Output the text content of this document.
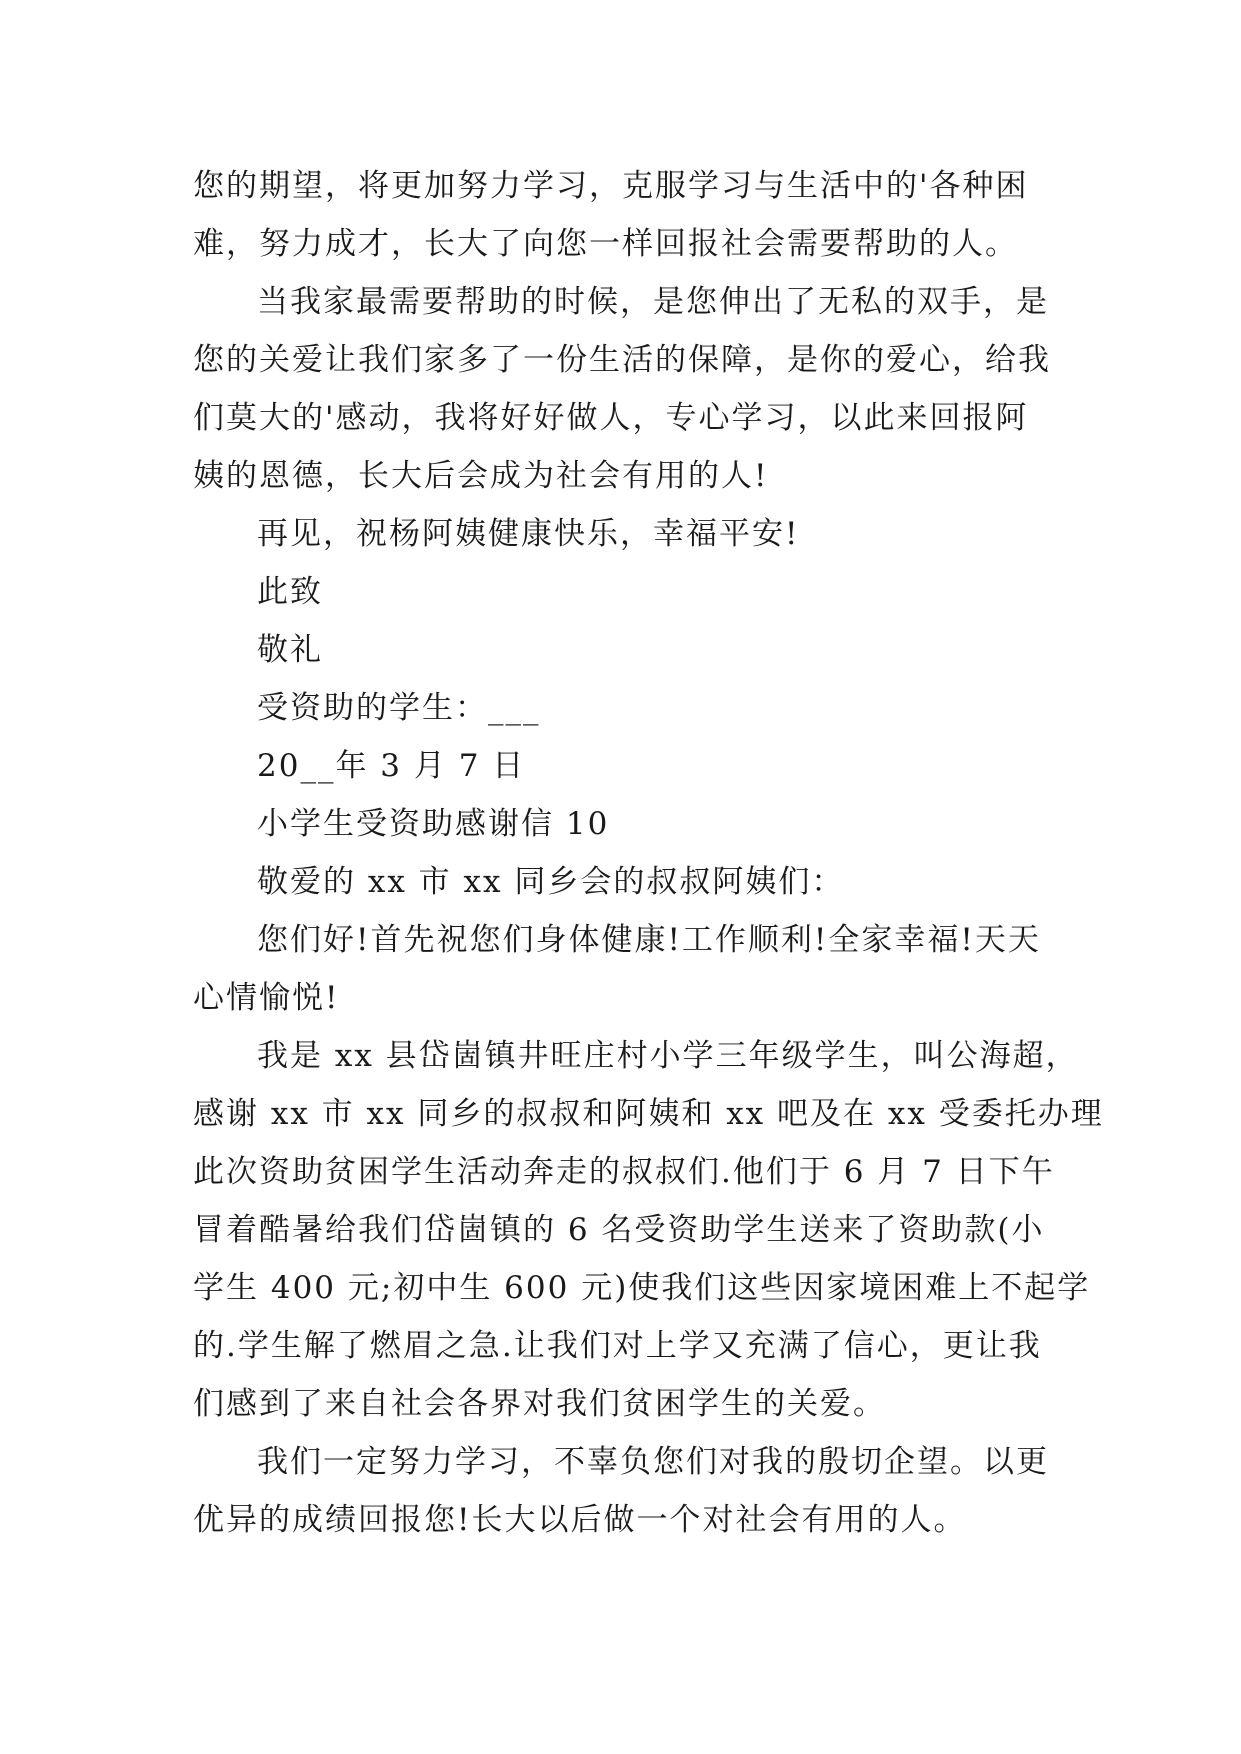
您的期望，将更加努力学习，克服学习与生活中的'各种困
难，努力成才，长大了向您一样回报社会需要帮助的人。
当我家最需要帮助的时候，是您伸出了无私的双手，是
您的关爱让我们家多了一份生活的保障，是你的爱心，给我
们莫大的'感动，我将好好做人，专心学习，以此来回报阿
姨的恩德，长大后会成为社会有用的人!
再见，祝杨阿姨健康快乐，幸福平安!
此致
敬礼
受资助的学生：___
20__年 3 月 7 日
小学生受资助感谢信 10
敬爱的 xx 市 xx 同乡会的叔叔阿姨们：
您们好!首先祝您们身体健康!工作顺利!全家幸福!天天
心情愉悦!
我是 xx 县岱崮镇井旺庄村小学三年级学生，叫公海超，
感谢 xx 市 xx 同乡的叔叔和阿姨和 xx 吧及在 xx 受委托办理
此次资助贫困学生活动奔走的叔叔们.他们于 6 月 7 日下午
冒着酷暑给我们岱崮镇的 6 名受资助学生送来了资助款(小
学生 400 元;初中生 600 元)使我们这些因家境困难上不起学
的.学生解了燃眉之急.让我们对上学又充满了信心，更让我
们感到了来自社会各界对我们贫困学生的关爱。
我们一定努力学习，不辜负您们对我的殷切企望。以更
优异的成绩回报您!长大以后做一个对社会有用的人。
